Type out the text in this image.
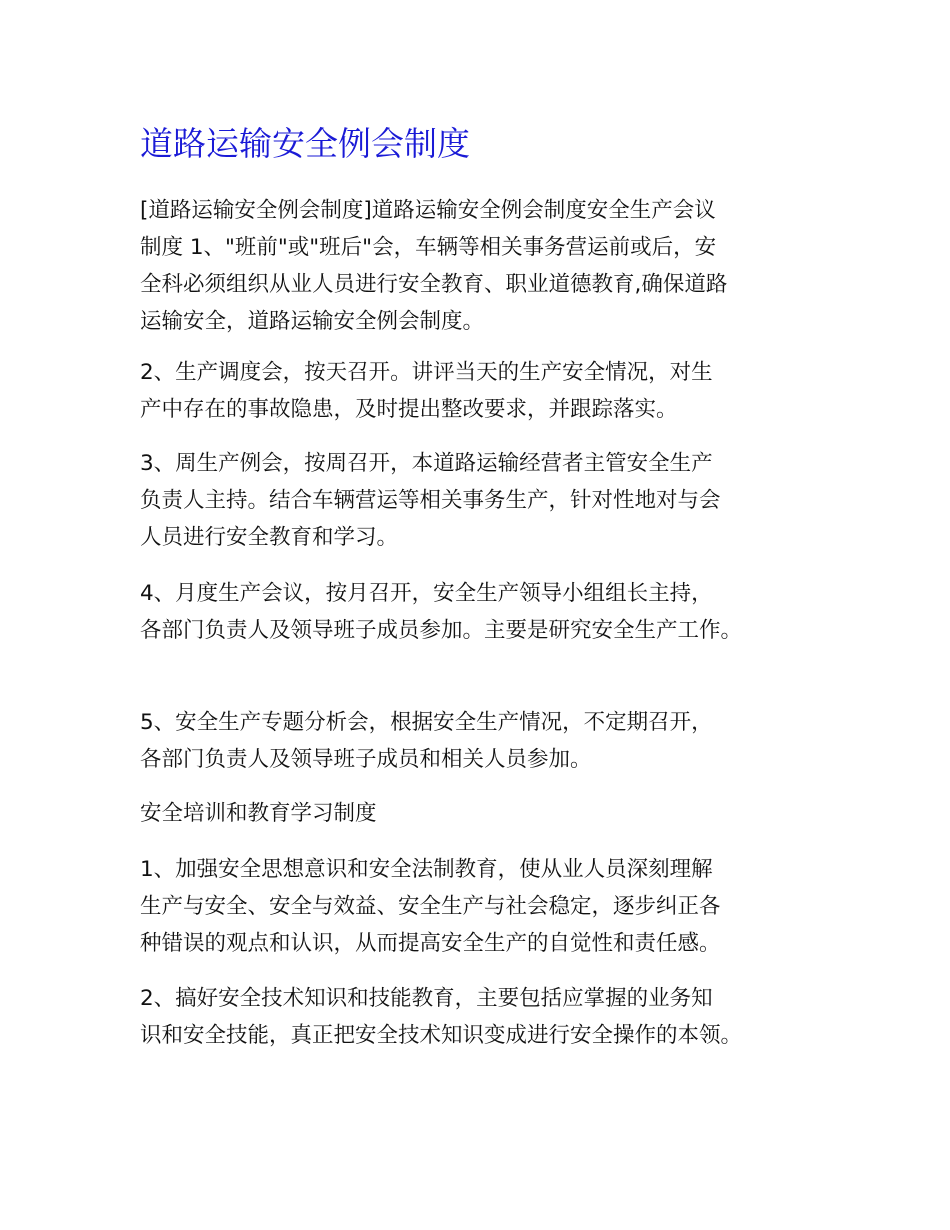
道路运输安全例会制度

[道路运输安全例会制度]道路运输安全例会制度安全生产会议
制度 1、"班前"或"班后"会，车辆等相关事务营运前或后，安
全科必须组织从业人员进行安全教育、职业道德教育,确保道路
运输安全，道路运输安全例会制度。

2、生产调度会，按天召开。讲评当天的生产安全情况，对生
产中存在的事故隐患，及时提出整改要求，并跟踪落实。

3、周生产例会，按周召开，本道路运输经营者主管安全生产
负责人主持。结合车辆营运等相关事务生产，针对性地对与会
人员进行安全教育和学习。

4、月度生产会议，按月召开，安全生产领导小组组长主持，
各部门负责人及领导班子成员参加。主要是研究安全生产工作。

5、安全生产专题分析会，根据安全生产情况，不定期召开，
各部门负责人及领导班子成员和相关人员参加。

安全培训和教育学习制度

1、加强安全思想意识和安全法制教育，使从业人员深刻理解
生产与安全、安全与效益、安全生产与社会稳定，逐步纠正各
种错误的观点和认识，从而提高安全生产的自觉性和责任感。

2、搞好安全技术知识和技能教育，主要包括应掌握的业务知
识和安全技能，真正把安全技术知识变成进行安全操作的本领。
